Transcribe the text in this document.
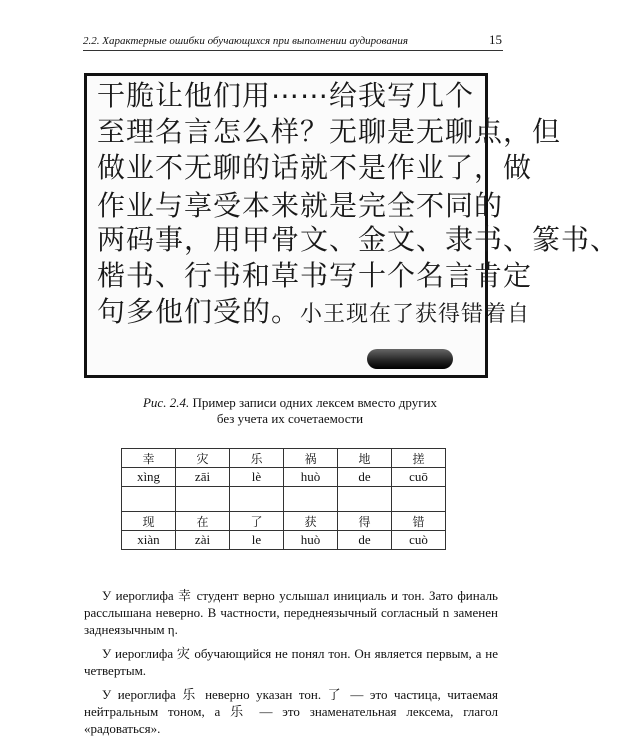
2.2. Характерные ошибки обучающихся при выполнении аудирования	15
干脆让他们用⋯⋯给我写几个
至理名言怎么样？无聊是无聊点，但
做业不无聊的话就不是作业了，做
作业与享受本来就是完全不同的
两码事，用甲骨文、金文、隶书、篆书、
楷书、行书和草书写十个名言肯定
句多他们受的。小王现在了获得错着自
Рис. 2.4. Пример записи одних лексем вместо других
без учета их сочетаемости
幸	灾	乐	祸	地	搓
xìng	zāi	lè	huò	de	cuō

现	在	了	获	得	错
xiàn	zài	le	huò	de	cuò

У иероглифа 幸 студент верно услышал инициаль и тон. Зато финаль расслышана неверно. В частности, переднеязычный согласный n заменен заднеязычным η.

У иероглифа 灾 обучающийся не понял тон. Он является первым, а не четвертым.

У иероглифа 乐 неверно указан тон. 了 — это частица, читаемая нейтральным тоном, а 乐 — это знаменательная лексема, глагол «радоваться».
